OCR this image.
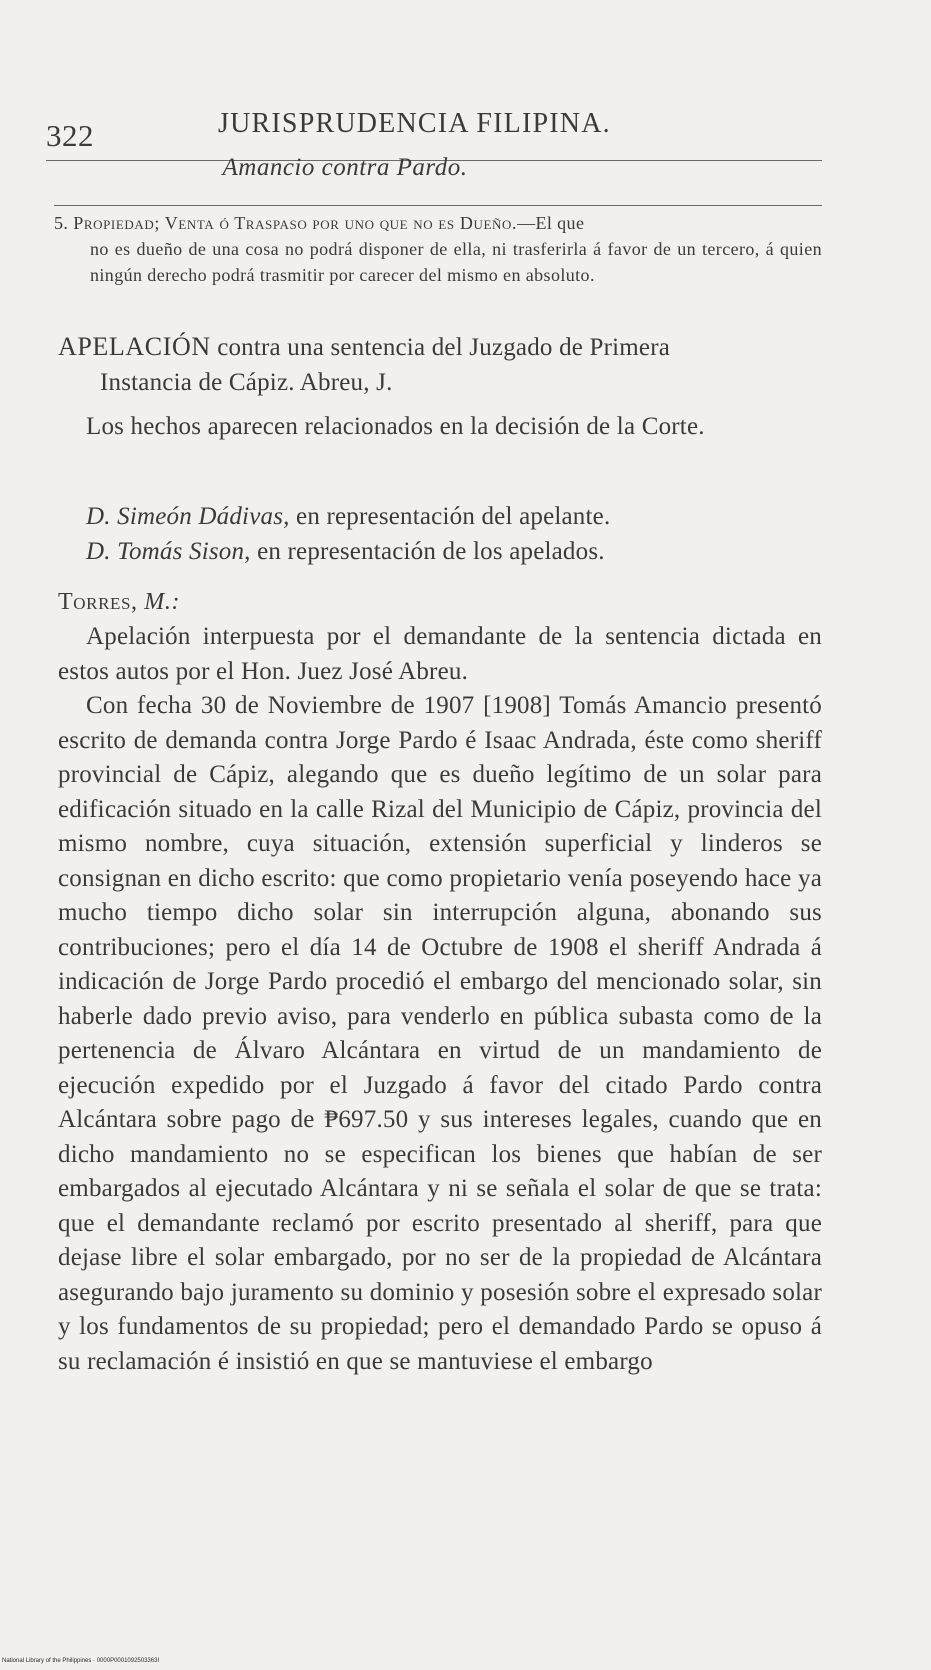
322	JURISPRUDENCIA FILIPINA.
Amancio contra Pardo.
5. Propiedad; Venta ó Traspaso por uno que no es Dueño.—El que
no es dueño de una cosa no podrá disponer de ella, ni trasferirla á favor de un tercero, á quien ningún derecho podrá trasmitir por carecer del mismo en absoluto.
APELACIÓN contra una sentencia del Juzgado de Primera
Instancia de Cápiz. Abreu, J.
Los hechos aparecen relacionados en la decisión de la Corte.
D. Simeón Dádivas, en representación del apelante.
D. Tomás Sison, en representación de los apelados.
Torres, M.:

Apelación interpuesta por el demandante de la sentencia dictada en estos autos por el Hon. Juez José Abreu.

Con fecha 30 de Noviembre de 1907 [1908] Tomás Amancio presentó escrito de demanda contra Jorge Pardo é Isaac Andrada, éste como sheriff provincial de Cápiz, alegando que es dueño legítimo de un solar para edificación situado en la calle Rizal del Municipio de Cápiz, provincia del mismo nombre, cuya situación, extensión superficial y linderos se consignan en dicho escrito: que como propietario venía poseyendo hace ya mucho tiempo dicho solar sin interrupción alguna, abonando sus contribuciones; pero el día 14 de Octubre de 1908 el sheriff Andrada á indicación de Jorge Pardo procedió el embargo del mencionado solar, sin haberle dado previo aviso, para venderlo en pública subasta como de la pertenencia de Álvaro Alcántara en virtud de un mandamiento de ejecución expedido por el Juzgado á favor del citado Pardo contra Alcántara sobre pago de ₱697.50 y sus intereses legales, cuando que en dicho mandamiento no se especifican los bienes que habían de ser embargados al ejecutado Alcántara y ni se señala el solar de que se trata: que el demandante reclamó por escrito presentado al sheriff, para que dejase libre el solar embargado, por no ser de la propiedad de Alcántara asegurando bajo juramento su dominio y posesión sobre el expresado solar y los fundamentos de su propiedad; pero el demandado Pardo se opuso á su reclamación é insistió en que se mantuviese el embargo

National Library of the Philippines · 0000P0001092503363I
